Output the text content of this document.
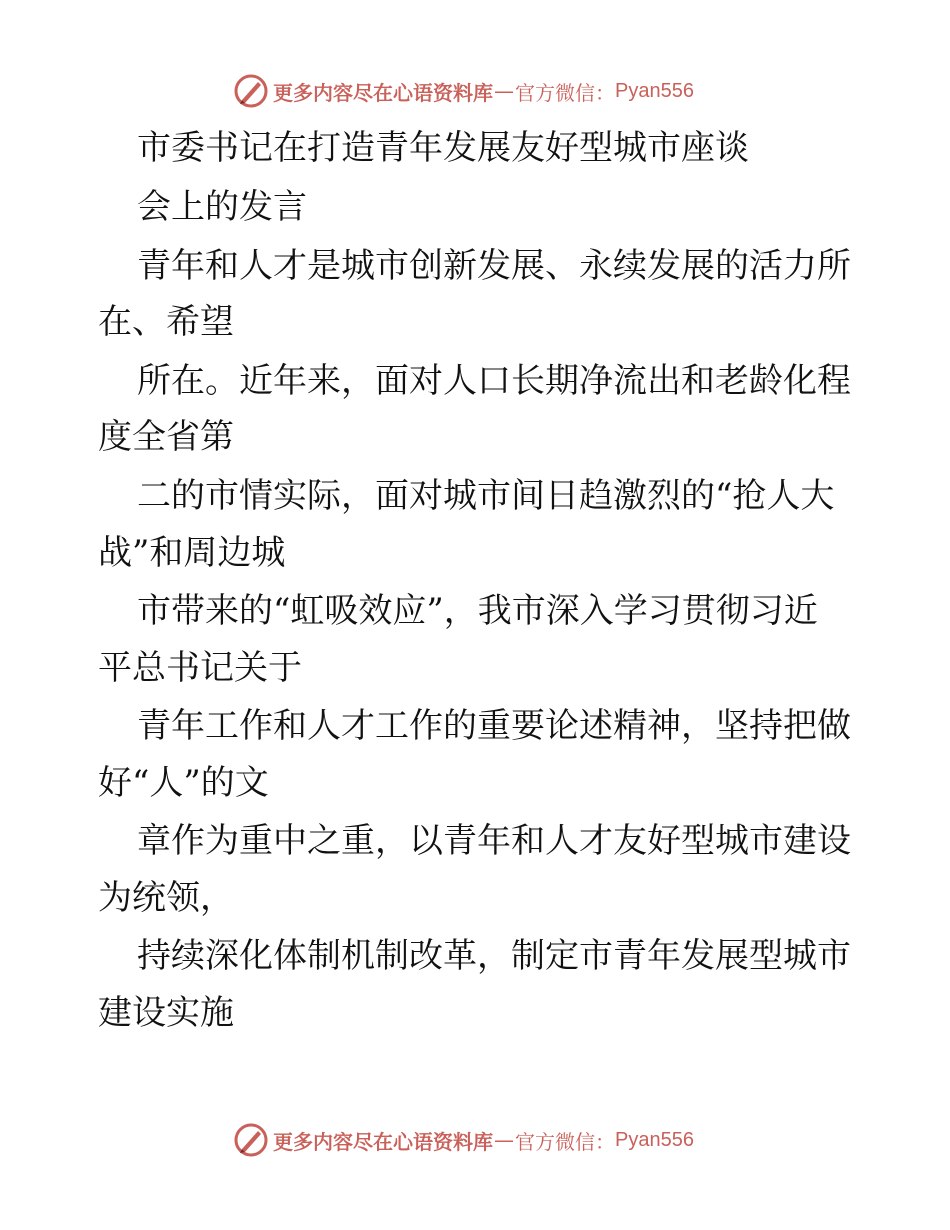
更多内容尽在心语资料库 — 官方微信： Pyan556
市委书记在打造青年发展友好型城市座谈
会上的发言
青年和人才是城市创新发展、永续发展的活力所
在、希望
所在。近年来，面对人口长期净流出和老龄化程
度全省第
二的市情实际，面对城市间日趋激烈的“抢人大
战”和周边城
市带来的“虹吸效应”，我市深入学习贯彻习近
平总书记关于
青年工作和人才工作的重要论述精神，坚持把做
好“人”的文
章作为重中之重，以青年和人才友好型城市建设
为统领，
持续深化体制机制改革，制定市青年发展型城市
建设实施
更多内容尽在心语资料库 — 官方微信： Pyan556
